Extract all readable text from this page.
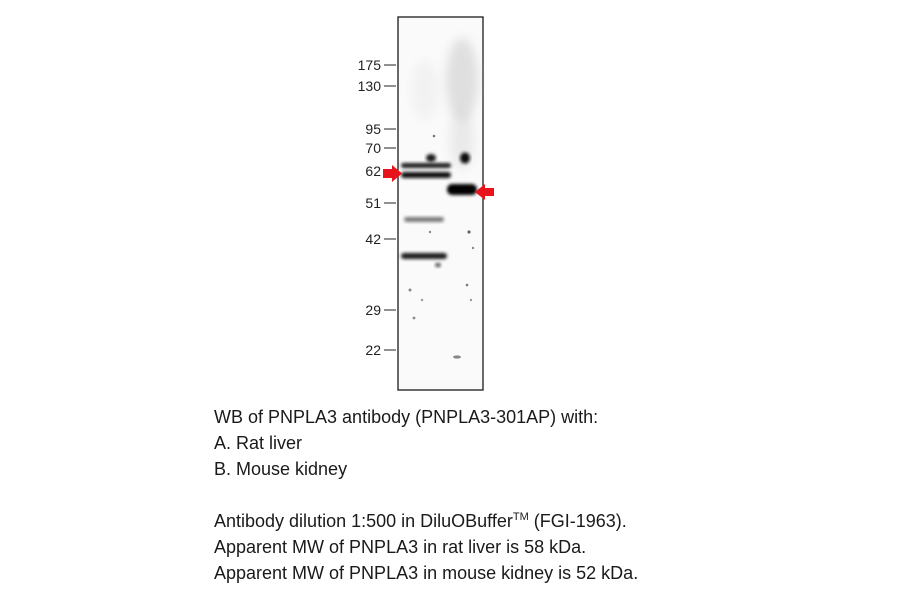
175
130
95
70
62
51
42
29
22
WB of PNPLA3 antibody (PNPLA3-301AP) with:
A. Rat liver
B. Mouse kidney
Antibody dilution 1:500 in DiluOBuffer™ (FGI-1963).
Apparent MW of PNPLA3 in rat liver is 58 kDa.
Apparent MW of PNPLA3 in mouse kidney is 52 kDa.
